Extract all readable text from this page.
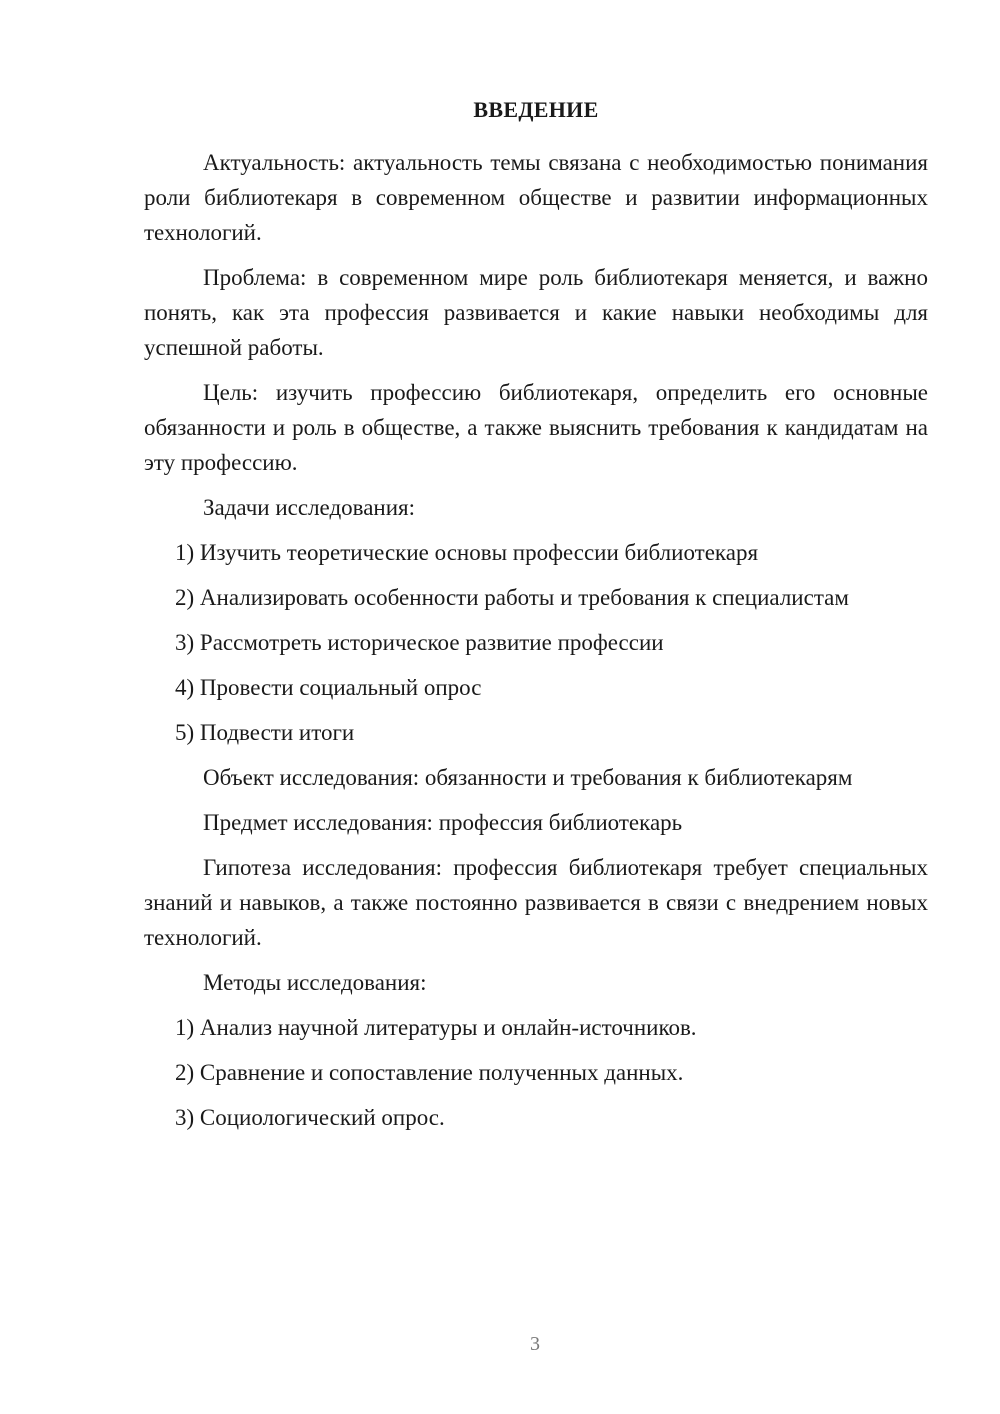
ВВЕДЕНИЕ

Актуальность: актуальность темы связана с необходимостью понимания роли библиотекаря в современном обществе и развитии информационных технологий.

Проблема: в современном мире роль библиотекаря меняется, и важно понять, как эта профессия развивается и какие навыки необходимы для успешной работы.

Цель: изучить профессию библиотекаря, определить его основные обязанности и роль в обществе, а также выяснить требования к кандидатам на эту профессию.

Задачи исследования:

1) Изучить теоретические основы профессии библиотекаря
2) Анализировать особенности работы и требования к специалистам
3) Рассмотреть историческое развитие профессии
4) Провести социальный опрос
5) Подвести итоги

Объект исследования: обязанности и требования к библиотекарям

Предмет исследования: профессия библиотекарь

Гипотеза исследования: профессия библиотекаря требует специальных знаний и навыков, а также постоянно развивается в связи с внедрением новых технологий.

Методы исследования:

1) Анализ научной литературы и онлайн-источников.
2) Сравнение и сопоставление полученных данных.
3) Социологический опрос.
3
